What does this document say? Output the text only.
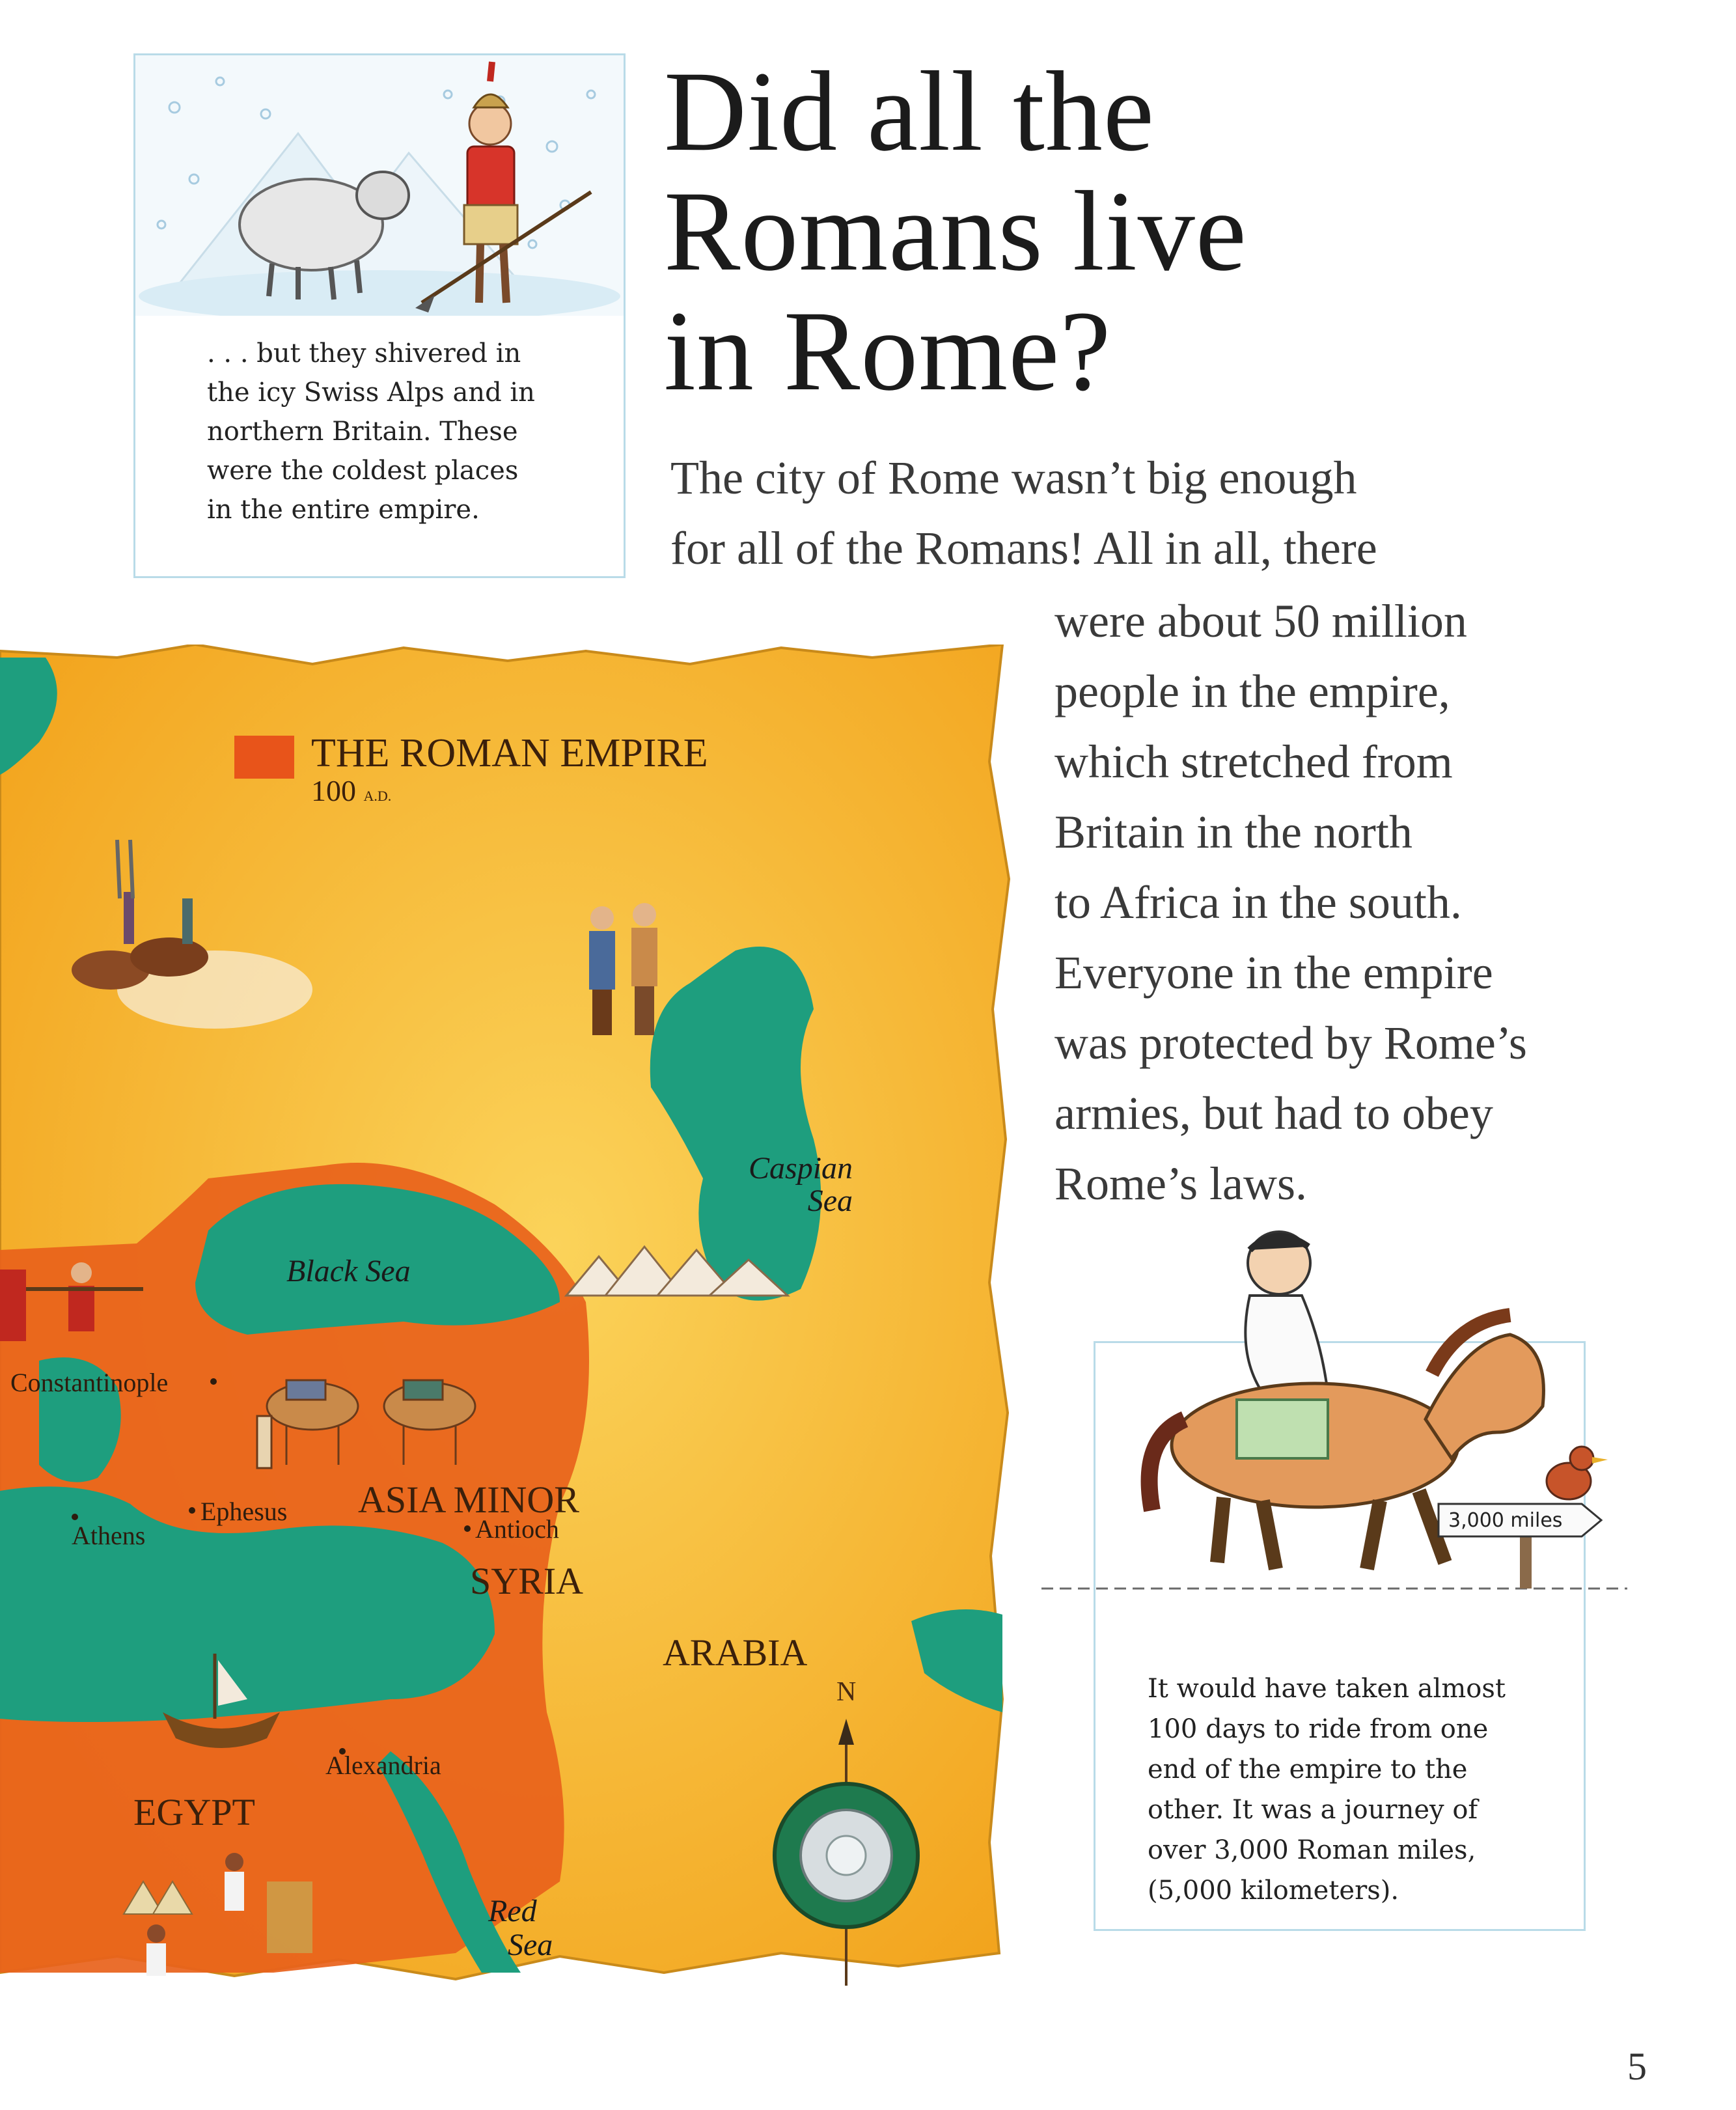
. . . but they shivered in
the icy Swiss Alps and in
northern Britain. These
were the coldest places
in the entire empire.
Did all the
Romans live
in Rome?
The city of Rome wasn’t big enough
for all of the Romans! All in all, there
were about 50 million
people in the empire,
which stretched from
Britain in the north
to Africa in the south.
Everyone in the empire
was protected by Rome’s
armies, but had to obey
Rome’s laws.
THE ROMAN EMPIRE
100 A.D.
Black Sea
Caspian
Sea
Constantinople
Ephesus
Athens
ASIA MINOR
Antioch
SYRIA
ARABIA
Alexandria
EGYPT
Red
Sea
N	It would have taken almost
100 days to ride from one
end of the empire to the
other. It was a journey of
over 3,000 Roman miles,
(5,000 kilometers).
3,000 miles
5
